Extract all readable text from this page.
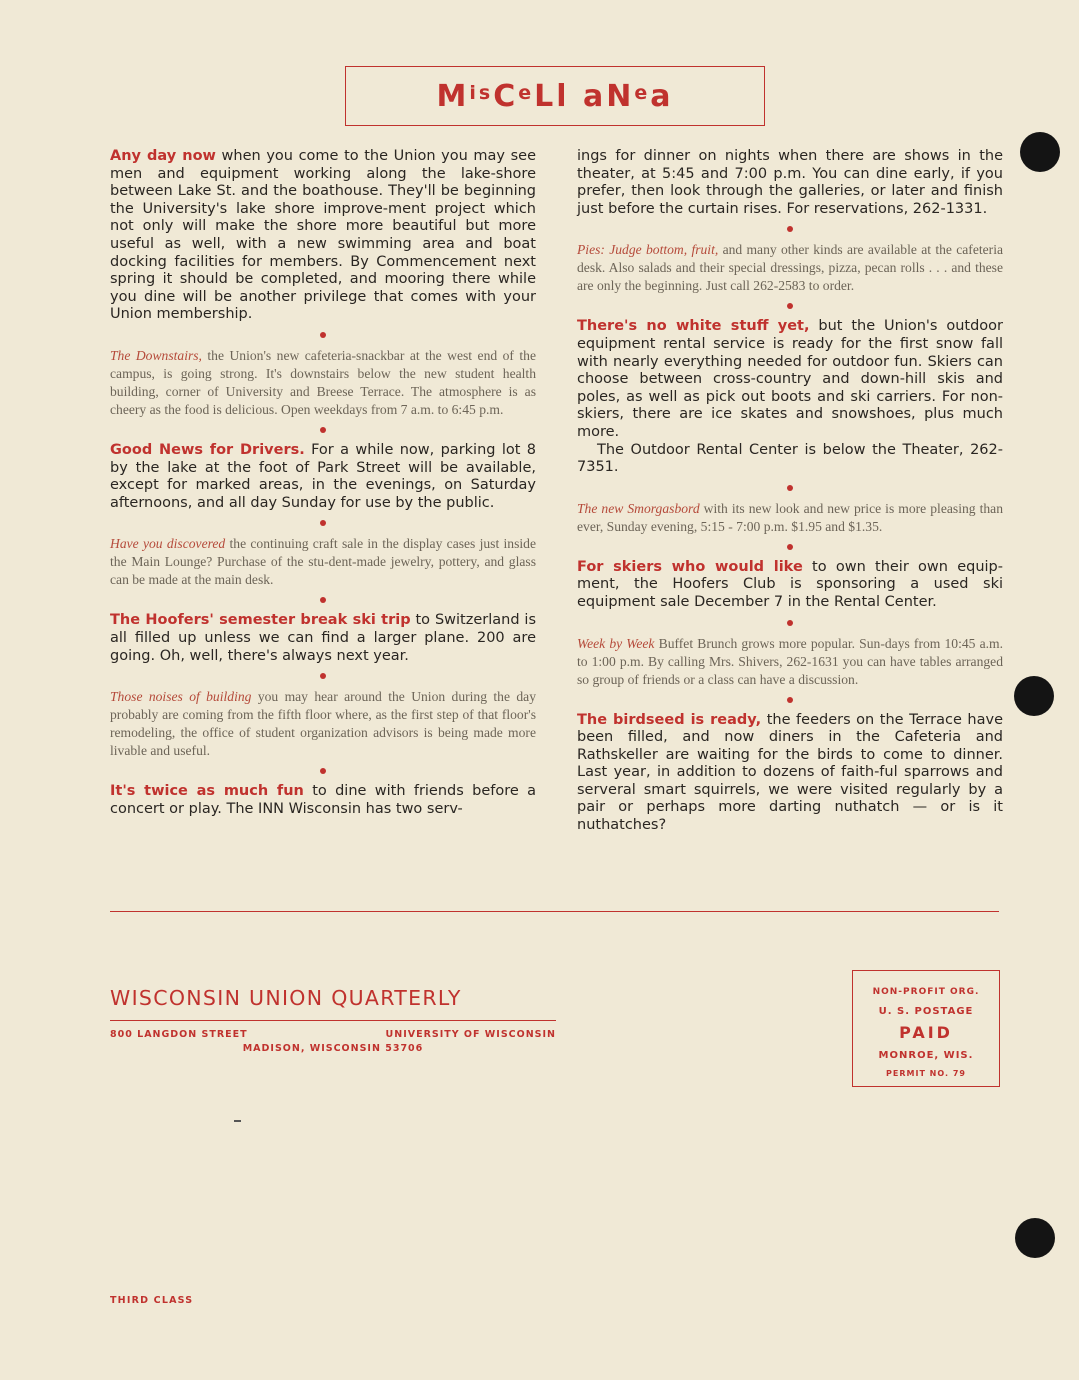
$M^{is}CeLl$ $aN^ea$

Any day now when you come to the Union you may see men and equipment working along the lake-shore between Lake St. and the boathouse. They'll be beginning the University's lake shore improve-ment project which not only will make the shore more beautiful but more useful as well, with a new swimming area and boat docking facilities for members. By Commencement next spring it should be completed, and mooring there while you dine will be another privilege that comes with your Union membership.

The Downstairs, the Union's new cafeteria-snackbar at the west end of the campus, is going strong. It's downstairs below the new student health building, corner of University and Breese Terrace. The atmosphere is as cheery as the food is delicious. Open weekdays from 7 a.m. to 6:45 p.m.

Good News for Drivers. For a while now, parking lot 8 by the lake at the foot of Park Street will be available, except for marked areas, in the evenings, on Saturday afternoons, and all day Sunday for use by the public.

Have you discovered the continuing craft sale in the display cases just inside the Main Lounge? Purchase of the stu-dent-made jewelry, pottery, and glass can be made at the main desk.

The Hoofers' semester break ski trip to Switzerland is all filled up unless we can find a larger plane. 200 are going. Oh, well, there's always next year.

Those noises of building you may hear around the Union during the day probably are coming from the fifth floor where, as the first step of that floor's remodeling, the office of student organization advisors is being made more livable and useful.

It's twice as much fun to dine with friends before a concert or play. The INN Wisconsin has two serv-

ings for dinner on nights when there are shows in the theater, at 5:45 and 7:00 p.m. You can dine early, if you prefer, then look through the galleries, or later and finish just before the curtain rises. For reservations, 262-1331.

Pies: Judge bottom, fruit, and many other kinds are available at the cafeteria desk. Also salads and their special dressings, pizza, pecan rolls . . . and these are only the beginning. Just call 262-2583 to order.

There's no white stuff yet, but the Union's outdoor equipment rental service is ready for the first snow fall with nearly everything needed for outdoor fun. Skiers can choose between cross-country and down-hill skis and poles, as well as pick out boots and ski carriers. For non-skiers, there are ice skates and snowshoes, plus much more.

The Outdoor Rental Center is below the Theater, 262-7351.

The new Smorgasbord with its new look and new price is more pleasing than ever, Sunday evening, 5:15 - 7:00 p.m. $1.95 and $1.35.

For skiers who would like to own their own equip-ment, the Hoofers Club is sponsoring a used ski equipment sale December 7 in the Rental Center.

Week by Week Buffet Brunch grows more popular. Sun-days from 10:45 a.m. to 1:00 p.m. By calling Mrs. Shivers, 262-1631 you can have tables arranged so group of friends or a class can have a discussion.

The birdseed is ready, the feeders on the Terrace have been filled, and now diners in the Cafeteria and Rathskeller are waiting for the birds to come to dinner. Last year, in addition to dozens of faith-ful sparrows and serveral smart squirrels, we were visited regularly by a pair or perhaps more darting nuthatch — or is it nuthatches?

WISCONSIN UNION QUARTERLY

800 LANGDON STREET	UNIVERSITY OF WISCONSIN
MADISON, WISCONSIN 53706
NON-PROFIT ORG.
U. S. POSTAGE
PAID
MONROE, WIS.
PERMIT NO. 79
THIRD CLASS
